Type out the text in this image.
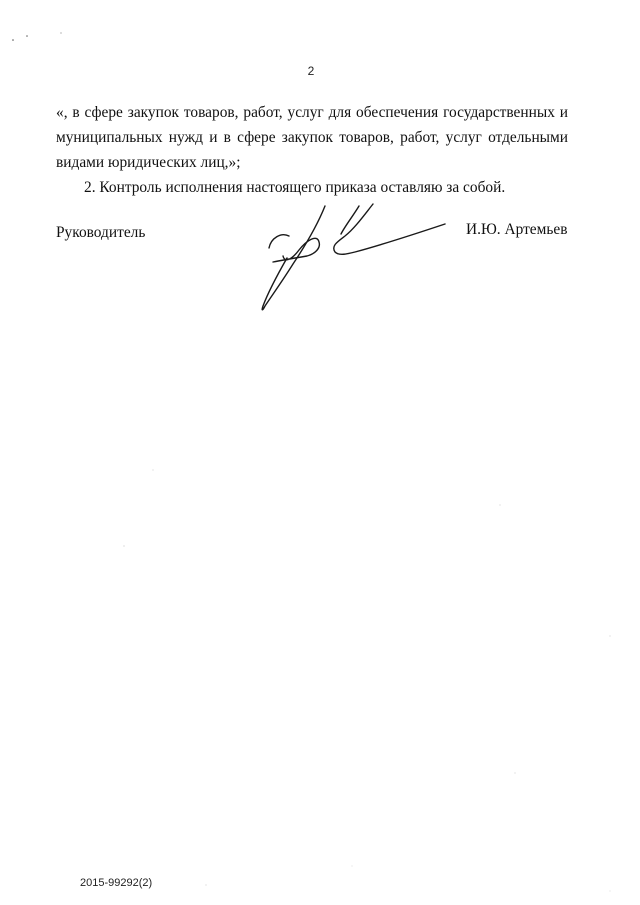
2
«, в сфере закупок товаров, работ, услуг для обеспечения государственных и муниципальных нужд и в сфере закупок товаров, работ, услуг отдельными
видами юридических лиц,»;
2. Контроль исполнения настоящего приказа оставляю за собой.
Руководитель	И.Ю. Артемьев
2015-99292(2)
